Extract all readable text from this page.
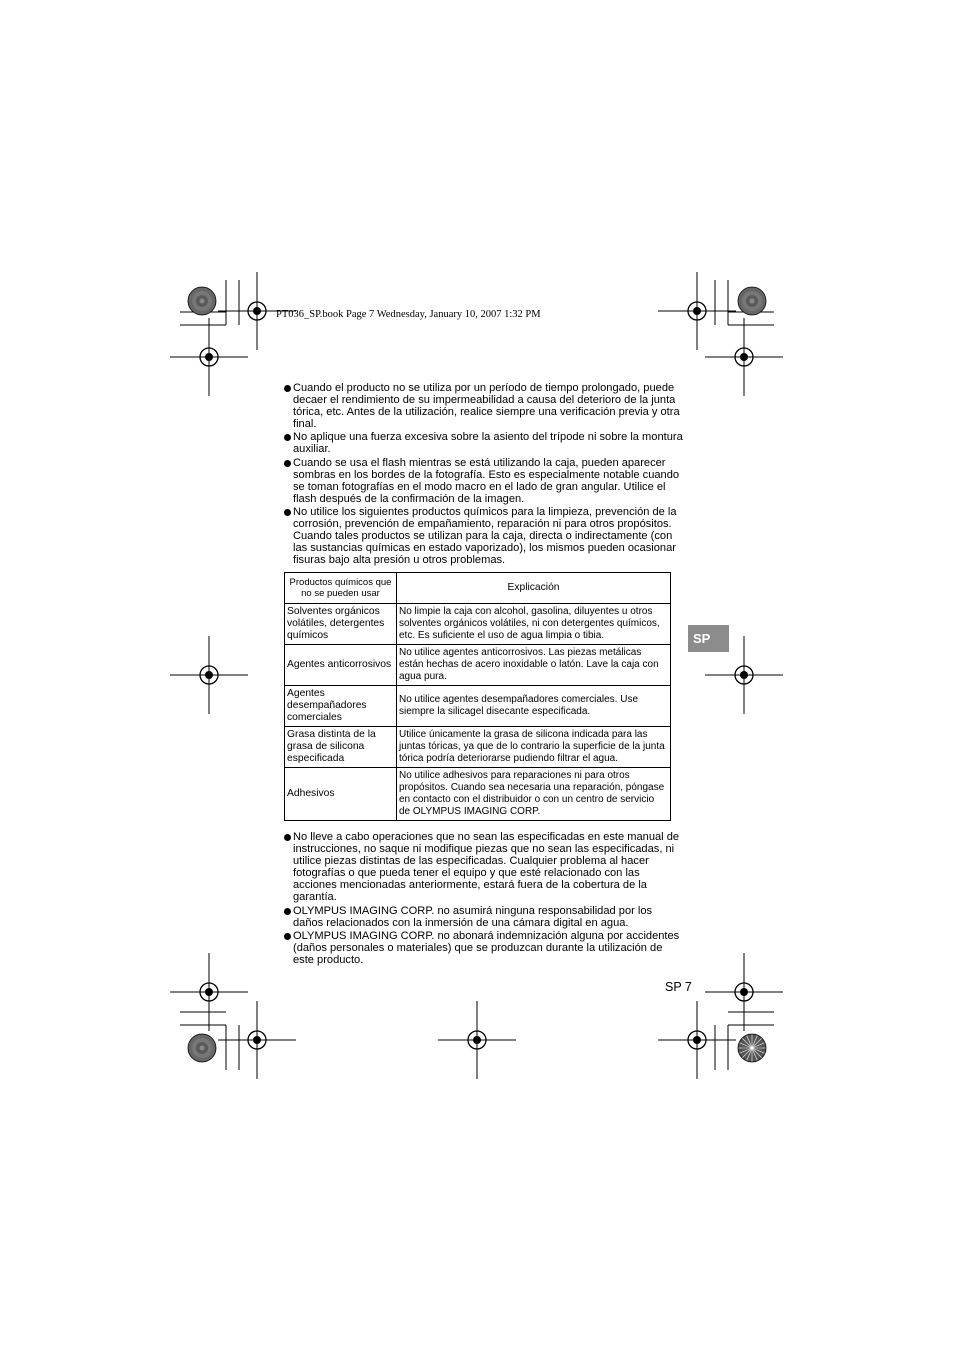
PT036_SP.book Page 7 Wednesday, January 10, 2007 1:32 PM
Cuando el producto no se utiliza por un período de tiempo prolongado, puede decaer el rendimiento de su impermeabilidad a causa del deterioro de la junta tórica, etc. Antes de la utilización, realice siempre una verificación previa y otra final.
No aplique una fuerza excesiva sobre la asiento del trípode ni sobre la montura auxiliar.
Cuando se usa el flash mientras se está utilizando la caja, pueden aparecer sombras en los bordes de la fotografía. Esto es especialmente notable cuando se toman fotografías en el modo macro en el lado de gran angular. Utilice el flash después de la confirmación de la imagen.
No utilice los siguientes productos químicos para la limpieza, prevención de la corrosión, prevención de empañamiento, reparación ni para otros propósitos. Cuando tales productos se utilizan para la caja, directa o indirectamente (con las sustancias químicas en estado vaporizado), los mismos pueden ocasionar fisuras bajo alta presión u otros problemas.
Productos químicos que no se pueden usar	Explicación
Solventes orgánicos volátiles, detergentes químicos	No limpie la caja con alcohol, gasolina, diluyentes u otros solventes orgánicos volátiles, ni con detergentes químicos, etc. Es suficiente el uso de agua limpia o tibia.
Agentes anticorrosivos	No utilice agentes anticorrosivos. Las piezas metálicas están hechas de acero inoxidable o latón. Lave la caja con agua pura.
Agentes desempañadores comerciales	No utilice agentes desempañadores comerciales. Use siempre la silicagel disecante especificada.
Grasa distinta de la grasa de silicona especificada	Utilice únicamente la grasa de silicona indicada para las juntas tóricas, ya que de lo contrario la superficie de la junta tórica podría deteriorarse pudiendo filtrar el agua.
Adhesivos	No utilice adhesivos para reparaciones ni para otros propósitos. Cuando sea necesaria una reparación, póngase en contacto con el distribuidor o con un centro de servicio de OLYMPUS IMAGING CORP.
No lleve a cabo operaciones que no sean las especificadas en este manual de instrucciones, no saque ni modifique piezas que no sean las especificadas, ni utilice piezas distintas de las especificadas. Cualquier problema al hacer fotografías o que pueda tener el equipo y que esté relacionado con las acciones mencionadas anteriormente, estará fuera de la cobertura de la garantía.
OLYMPUS IMAGING CORP. no asumirá ninguna responsabilidad por los daños relacionados con la inmersión de una cámara digital en agua.
OLYMPUS IMAGING CORP. no abonará indemnización alguna por accidentes (daños personales o materiales) que se produzcan durante la utilización de este producto.
SP
SP 7
